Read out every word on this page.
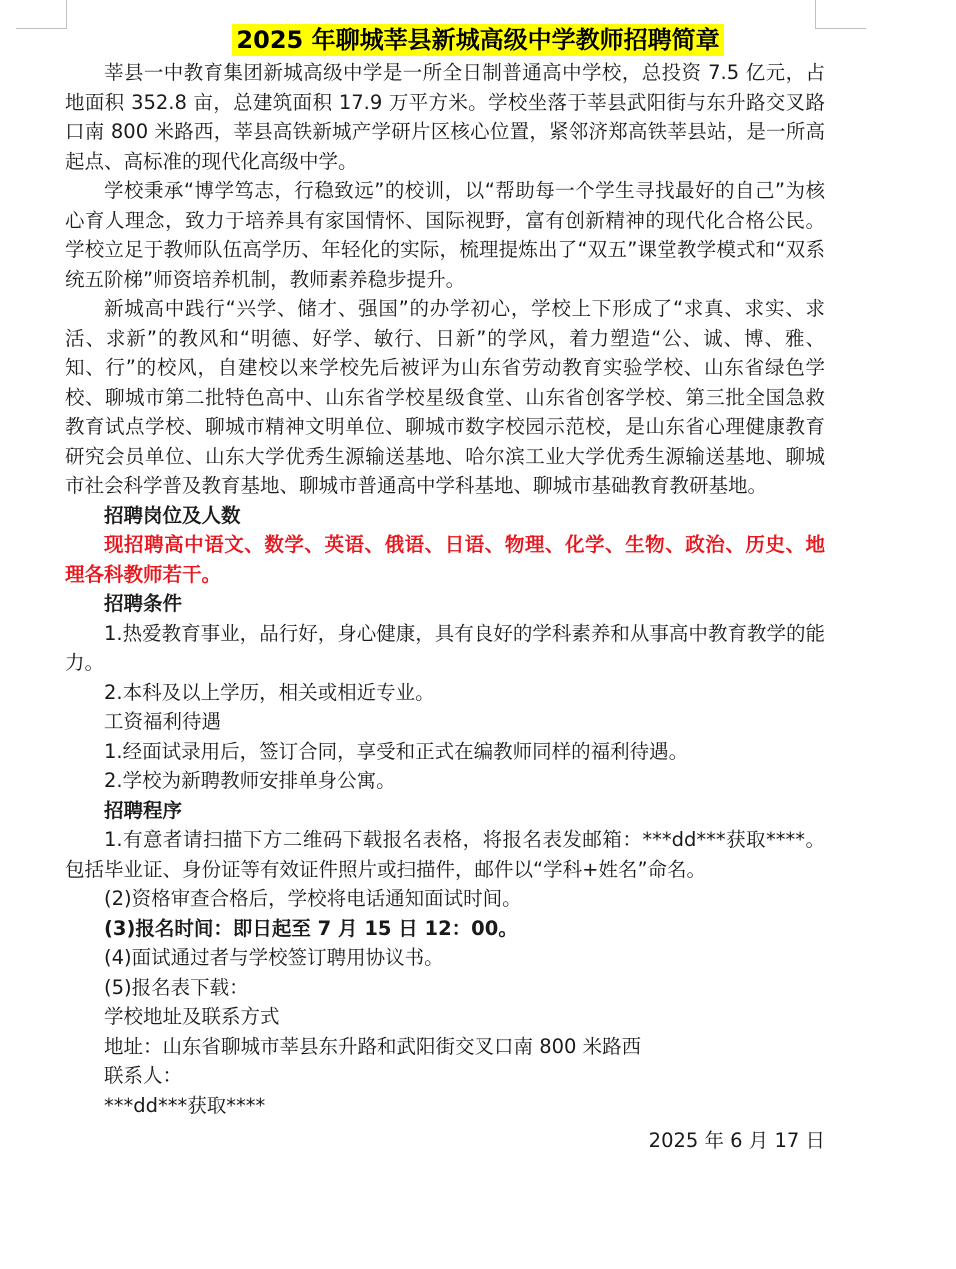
2025 年聊城莘县新城高级中学教师招聘简章

莘县一中教育集团新城高级中学是一所全日制普通高中学校，总投资 7.5 亿元，占地面积 352.8 亩，总建筑面积 17.9 万平方米。学校坐落于莘县武阳街与东升路交叉路口南 800 米路西，莘县高铁新城产学研片区核心位置，紧邻济郑高铁莘县站，是一所高起点、高标准的现代化高级中学。

学校秉承“博学笃志，行稳致远”的校训，以“帮助每一个学生寻找最好的自己”为核心育人理念，致力于培养具有家国情怀、国际视野，富有创新精神的现代化合格公民。学校立足于教师队伍高学历、年轻化的实际，梳理提炼出了“双五”课堂教学模式和“双系统五阶梯”师资培养机制，教师素养稳步提升。

新城高中践行“兴学、储才、强国”的办学初心，学校上下形成了“求真、求实、求活、求新”的教风和“明德、好学、敏行、日新”的学风，着力塑造“公、诚、博、雅、知、行”的校风，自建校以来学校先后被评为山东省劳动教育实验学校、山东省绿色学校、聊城市第二批特色高中、山东省学校星级食堂、山东省创客学校、第三批全国急救教育试点学校、聊城市精神文明单位、聊城市数字校园示范校，是山东省心理健康教育研究会员单位、山东大学优秀生源输送基地、哈尔滨工业大学优秀生源输送基地、聊城市社会科学普及教育基地、聊城市普通高中学科基地、聊城市基础教育教研基地。

招聘岗位及人数

现招聘高中语文、数学、英语、俄语、日语、物理、化学、生物、政治、历史、地理各科教师若干。

招聘条件

1.热爱教育事业，品行好，身心健康，具有良好的学科素养和从事高中教育教学的能力。

2.本科及以上学历，相关或相近专业。

工资福利待遇

1.经面试录用后，签订合同，享受和正式在编教师同样的福利待遇。

2.学校为新聘教师安排单身公寓。

招聘程序

1.有意者请扫描下方二维码下载报名表格，将报名表发邮箱：***dd***获取****。包括毕业证、身份证等有效证件照片或扫描件，邮件以“学科+姓名”命名。

(2)资格审查合格后，学校将电话通知面试时间。

(3)报名时间：即日起至 7 月 15 日 12：00。

(4)面试通过者与学校签订聘用协议书。

(5)报名表下载：

学校地址及联系方式

地址：山东省聊城市莘县东升路和武阳街交叉口南 800 米路西

联系人：

***dd***获取****

2025 年 6 月 17 日
